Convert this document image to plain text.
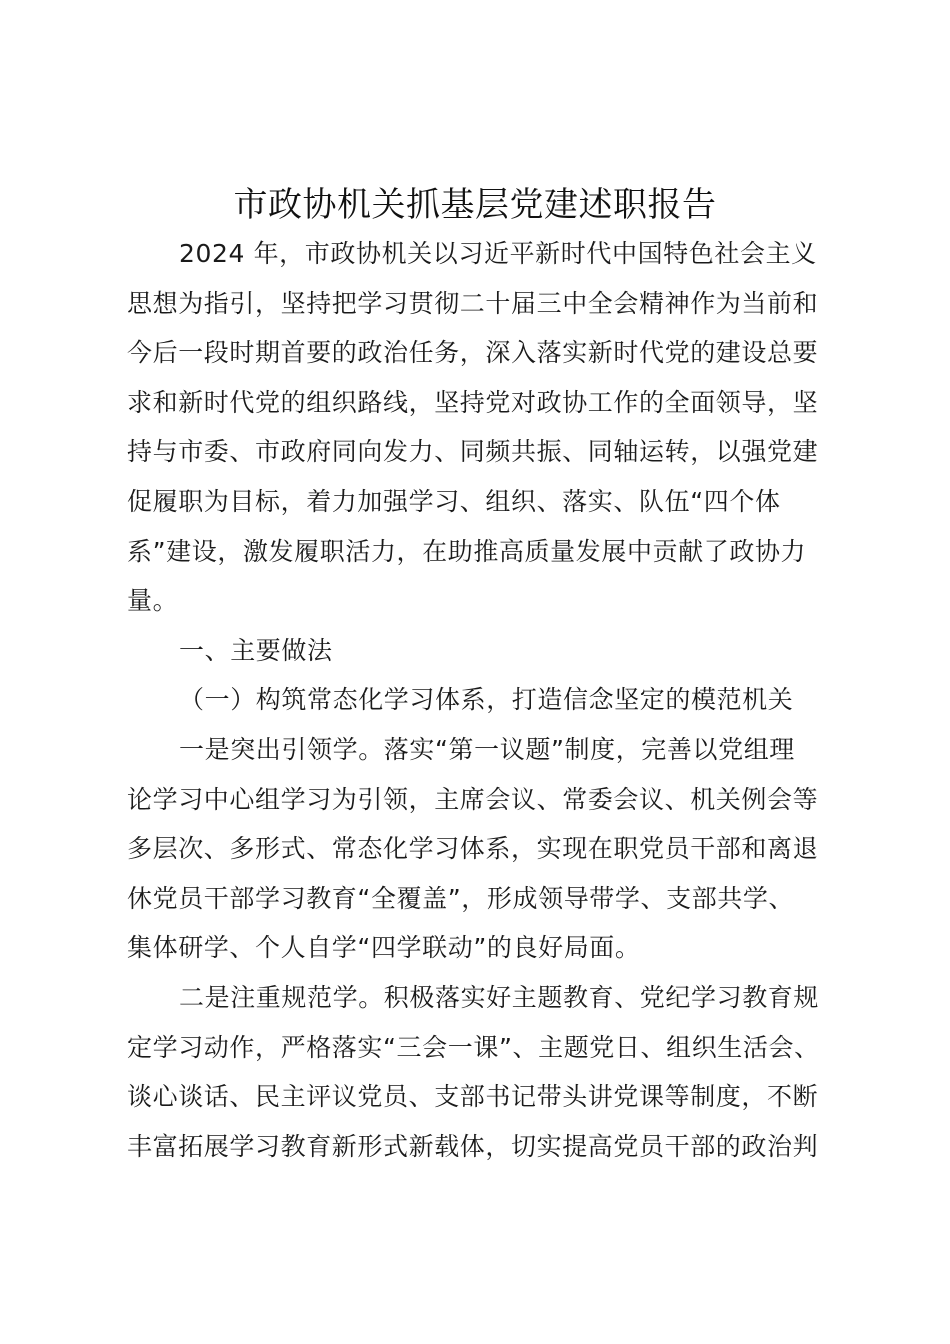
市政协机关抓基层党建述职报告
2024 年，市政协机关以习近平新时代中国特色社会主义
思想为指引，坚持把学习贯彻二十届三中全会精神作为当前和
今后一段时期首要的政治任务，深入落实新时代党的建设总要
求和新时代党的组织路线，坚持党对政协工作的全面领导，坚
持与市委、市政府同向发力、同频共振、同轴运转，以强党建
促履职为目标，着力加强学习、组织、落实、队伍“四个体
系”建设，激发履职活力，在助推高质量发展中贡献了政协力
量。
一、主要做法
（一）构筑常态化学习体系，打造信念坚定的模范机关
一是突出引领学。落实“第一议题”制度，完善以党组理
论学习中心组学习为引领，主席会议、常委会议、机关例会等
多层次、多形式、常态化学习体系，实现在职党员干部和离退
休党员干部学习教育“全覆盖”，形成领导带学、支部共学、
集体研学、个人自学“四学联动”的良好局面。
二是注重规范学。积极落实好主题教育、党纪学习教育规
定学习动作，严格落实“三会一课”、主题党日、组织生活会、
谈心谈话、民主评议党员、支部书记带头讲党课等制度，不断
丰富拓展学习教育新形式新载体，切实提高党员干部的政治判
